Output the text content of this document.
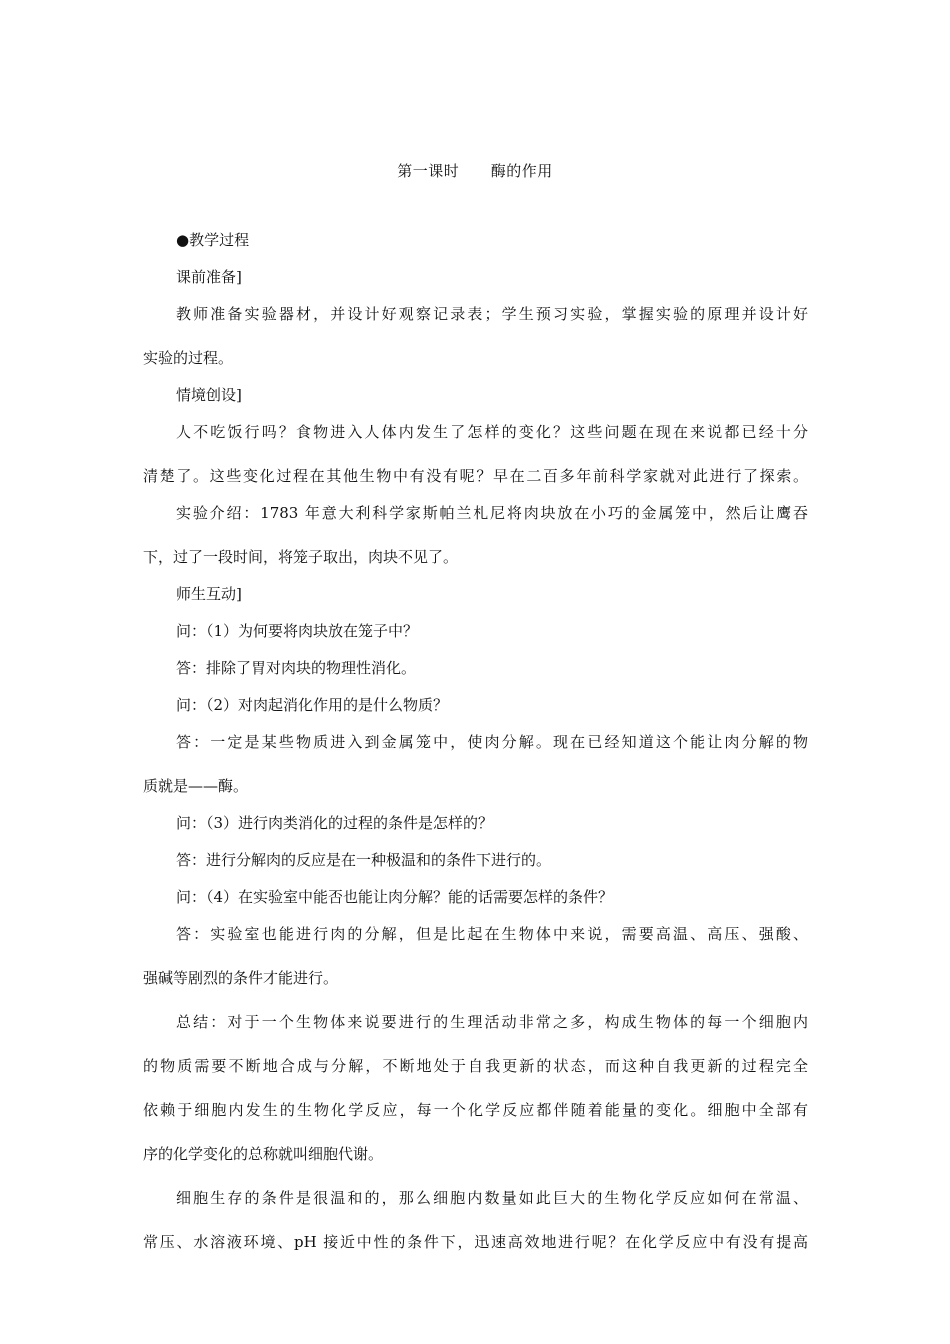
第一课时      酶的作用
●教学过程
课前准备]
教师准备实验器材，并设计好观察记录表；学生预习实验，掌握实验的原理并设计好
实验的过程。
情境创设]
人不吃饭行吗？食物进入人体内发生了怎样的变化？这些问题在现在来说都已经十分
清楚了。这些变化过程在其他生物中有没有呢？早在二百多年前科学家就对此进行了探索。
实验介绍：1783 年意大利科学家斯帕兰札尼将肉块放在小巧的金属笼中，然后让鹰吞
下，过了一段时间，将笼子取出，肉块不见了。
师生互动]
问：（1）为何要将肉块放在笼子中？
答：排除了胃对肉块的物理性消化。
问：（2）对肉起消化作用的是什么物质？
答：一定是某些物质进入到金属笼中，使肉分解。现在已经知道这个能让肉分解的物
质就是——酶。
问：（3）进行肉类消化的过程的条件是怎样的？
答：进行分解肉的反应是在一种极温和的条件下进行的。
问：（4）在实验室中能否也能让肉分解？能的话需要怎样的条件？
答：实验室也能进行肉的分解，但是比起在生物体中来说，需要高温、高压、强酸、
强碱等剧烈的条件才能进行。
总结：对于一个生物体来说要进行的生理活动非常之多，构成生物体的每一个细胞内
的物质需要不断地合成与分解，不断地处于自我更新的状态，而这种自我更新的过程完全
依赖于细胞内发生的生物化学反应，每一个化学反应都伴随着能量的变化。细胞中全部有
序的化学变化的总称就叫细胞代谢。
细胞生存的条件是很温和的，那么细胞内数量如此巨大的生物化学反应如何在常温、
常压、水溶液环境、pH 接近中性的条件下，迅速高效地进行呢？在化学反应中有没有提高
